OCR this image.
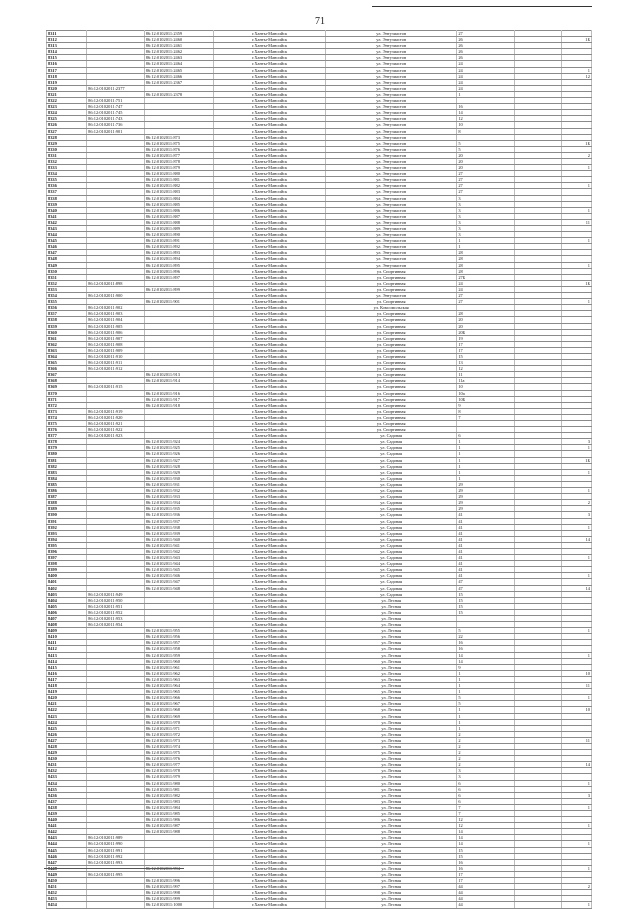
71
8311		86:12:0102011:2359	г.Ханты-Мансийск	ул. Энтузиастов	27		
8312		86:12:0102011:2460	г.Ханты-Мансийск	ул. Энтузиастов	26		1Б
8313		86:12:0102011:2461	г.Ханты-Мансийск	ул. Энтузиастов	26		
8314		86:12:0102011:2462	г.Ханты-Мансийск	ул. Энтузиастов	26		
8315		86:12:0102011:2463	г.Ханты-Мансийск	ул. Энтузиастов	26		
8316		86:12:0102011:2464	г.Ханты-Мансийск	ул. Энтузиастов	24		
8317		86:12:0102011:2465	г.Ханты-Мансийск	ул. Энтузиастов	24		1
8318		86:12:0102011:2466	г.Ханты-Мансийск	ул. Энтузиастов	24		12
8319		86:12:0102011:2367	г.Ханты-Мансийск	ул. Энтузиастов	24		
8320	86:12:0102011:2377		г.Ханты-Мансийск	ул. Энтузиастов	24		
8321		86:12:0102011:2378	г.Ханты-Мансийск	ул. Энтузиастов	1		
8322	86:12:0102011:751		г.Ханты-Мансийск	ул. Энтузиастов			
8323	86:12:0102011:747		г.Ханты-Мансийск	ул. Энтузиастов	16		
8324	86:12:0102011:745		г.Ханты-Мансийск	ул. Энтузиастов	14		
8325	86:12:0102011:743		г.Ханты-Мансийск	ул. Энтузиастов	12		
8326	86:12:0102011:736		г.Ханты-Мансийск	ул. Энтузиастов	10		
8327	86:12:0102011:901		г.Ханты-Мансийск	ул. Энтузиастов	8		
8328		86:12:0102011:873	г.Ханты-Мансийск	ул. Энтузиастов			
8329		86:12:0102011:875	г.Ханты-Мансийск	ул. Энтузиастов	5		1Б
8330		86:12:0102011:876	г.Ханты-Мансийск	ул. Энтузиастов	5		
8331		86:12:0102011:877	г.Ханты-Мансийск	ул. Энтузиастов	20		2
8332		86:12:0102011:878	г.Ханты-Мансийск	ул. Энтузиастов	20		
8333		86:12:0102011:879	г.Ханты-Мансийск	ул. Энтузиастов	20		1
8334		86:12:0102011:880	г.Ханты-Мансийск	ул. Энтузиастов	27		
8335		86:12:0102011:881	г.Ханты-Мансийск	ул. Энтузиастов	27		
8336		86:12:0102011:882	г.Ханты-Мансийск	ул. Энтузиастов	27		1
8337		86:12:0102011:883	г.Ханты-Мансийск	ул. Энтузиастов	27		
8338		86:12:0102011:884	г.Ханты-Мансийск	ул. Энтузиастов	3		
8339		86:12:0102011:885	г.Ханты-Мансийск	ул. Энтузиастов	3		
8340		86:12:0102011:886	г.Ханты-Мансийск	ул. Энтузиастов	3		1
8341		86:12:0102011:887	г.Ханты-Мансийск	ул. Энтузиастов	3		
8342		86:12:0102011:888	г.Ханты-Мансийск	ул. Энтузиастов	3		11
8343		86:12:0102011:889	г.Ханты-Мансийск	ул. Энтузиастов	3		
8344		86:12:0102011:890	г.Ханты-Мансийск	ул. Энтузиастов	3		
8345		86:12:0102011:891	г.Ханты-Мансийск	ул. Энтузиастов	1		1
8346		86:12:0102011:892	г.Ханты-Мансийск	ул. Энтузиастов	1		
8347		86:12:0102011:893	г.Ханты-Мансийск	ул. Энтузиастов	28		
8348		86:12:0102011:894	г.Ханты-Мансийск	ул. Энтузиастов	28		
8349		86:12:0102011:895	г.Ханты-Мансийск	ул. Энтузиастов	28		1
8350		86:12:0102011:896	г.Ханты-Мансийск	ул. Спортивная	28		
8351		86:12:0102011:897	г.Ханты-Мансийск	ул. Спортивная	27Б		
8352	86:12:0102011:898		г.Ханты-Мансийск	ул. Спортивная	24		1Б
8353		86:12:0102011:899	г.Ханты-Мансийск	ул. Спортивная	24		
8354	86:12:0102011:900		г.Ханты-Мансийск	ул. Энтузиастов	27		
8355		86:12:0102011:901	г.Ханты-Мансийск	ул. Спортивная	27		1
8356	86:12:0102011:902		г.Ханты-Мансийск	ул. Комсомольская			
8357	86:12:0102011:903		г.Ханты-Мансийск	ул. Спортивная	28		
8358	86:12:0102011:904		г.Ханты-Мансийск	ул. Спортивная	20		
8359	86:12:0102011:905		г.Ханты-Мансийск	ул. Спортивная	20		
8360	86:12:0102011:906		г.Ханты-Мансийск	ул. Спортивная	20Б		
8361	86:12:0102011:907		г.Ханты-Мансийск	ул. Спортивная	19		
8362	86:12:0102011:908		г.Ханты-Мансийск	ул. Спортивная	17		
8363	86:12:0102011:909		г.Ханты-Мансийск	ул. Спортивная	17		
8364	86:12:0102011:910		г.Ханты-Мансийск	ул. Спортивная	15		
8365	86:12:0102011:911		г.Ханты-Мансийск	ул. Спортивная	13		
8366	86:12:0102011:912		г.Ханты-Мансийск	ул. Спортивная	12		
8367		86:12:0102011:913	г.Ханты-Мансийск	ул. Спортивная	11		
8368		86:12:0102011:914	г.Ханты-Мансийск	ул. Спортивная	11а		
8369	86:12:0102011:915		г.Ханты-Мансийск	ул. Спортивная	10		
8370		86:12:0102011:916	г.Ханты-Мансийск	ул. Спортивная	10а		
8371		86:12:0102011:917	г.Ханты-Мансийск	ул. Спортивная	10Б		
8372		86:12:0102011:918	г.Ханты-Мансийск	ул. Спортивная	9		
8373	86:12:0102011:919		г.Ханты-Мансийск	ул. Спортивная	8		
8374	86:12:0102011:920		г.Ханты-Мансийск	ул. Спортивная	7		
8375	86:12:0102011:921		г.Ханты-Мансийск	ул. Спортивная			
8376	86:12:0102011:922		г.Ханты-Мансийск	ул. Спортивная			
8377	86:12:0102011:923		г.Ханты-Мансийск	ул. Садовая	6		
8378		86:12:0102011:924	г.Ханты-Мансийск	ул. Садовая	1		3
8379		86:12:0102011:925	г.Ханты-Мансийск	ул. Садовая	1		1
8380		86:12:0102011:926	г.Ханты-Мансийск	ул. Садовая	1		
8381		86:12:0102011:927	г.Ханты-Мансийск	ул. Садовая	1		1Б
8382		86:12:0102011:928	г.Ханты-Мансийск	ул. Садовая	1		
8383		86:12:0102011:929	г.Ханты-Мансийск	ул. Садовая	1		1
8384		86:12:0102011:930	г.Ханты-Мансийск	ул. Садовая	1		
8385		86:12:0102011:931	г.Ханты-Мансийск	ул. Садовая	29		
8386		86:12:0102011:932	г.Ханты-Мансийск	ул. Садовая	29		1
8387		86:12:0102011:933	г.Ханты-Мансийск	ул. Садовая	29		
8388		86:12:0102011:934	г.Ханты-Мансийск	ул. Садовая	29		2
8389		86:12:0102011:935	г.Ханты-Мансийск	ул. Садовая	29		
8390		86:12:0102011:936	г.Ханты-Мансийск	ул. Садовая	41		3
8391		86:12:0102011:937	г.Ханты-Мансийск	ул. Садовая	41		
8392		86:12:0102011:938	г.Ханты-Мансийск	ул. Садовая	41		1
8393		86:12:0102011:939	г.Ханты-Мансийск	ул. Садовая	41		
8394		86:12:0102011:940	г.Ханты-Мансийск	ул. Садовая	41		14
8395		86:12:0102011:941	г.Ханты-Мансийск	ул. Садовая	41		
8396		86:12:0102011:942	г.Ханты-Мансийск	ул. Садовая	41		
8397		86:12:0102011:943	г.Ханты-Мансийск	ул. Садовая	41		1
8398		86:12:0102011:944	г.Ханты-Мансийск	ул. Садовая	41		
8399		86:12:0102011:945	г.Ханты-Мансийск	ул. Садовая	41		
8400		86:12:0102011:946	г.Ханты-Мансийск	ул. Садовая	41		1
8401		86:12:0102011:947	г.Ханты-Мансийск	ул. Садовая	47		
8402		86:12:0102011:948	г.Ханты-Мансийск	ул. Садовая	47		14
8403	86:12:0102011:949		г.Ханты-Мансийск	ул. Садовая	15		
8404	86:12:0102011:950		г.Ханты-Мансийск	ул. Лесная	15		
8405	86:12:0102011:951		г.Ханты-Мансийск	ул. Лесная	15		
8406	86:12:0102011:952		г.Ханты-Мансийск	ул. Лесная	15		
8407	86:12:0102011:953		г.Ханты-Мансийск	ул. Лесная			
8408	86:12:0102011:954		г.Ханты-Мансийск	ул. Лесная			
8409		86:12:0102011:955	г.Ханты-Мансийск	ул. Лесная	5		1
8410		86:12:0102011:956	г.Ханты-Мансийск	ул. Лесная	22		
8411		86:12:0102011:957	г.Ханты-Мансийск	ул. Лесная	16		
8412		86:12:0102011:958	г.Ханты-Мансийск	ул. Лесная	16		
8413		86:12:0102011:959	г.Ханты-Мансийск	ул. Лесная	14		1
8414		86:12:0102011:960	г.Ханты-Мансийск	ул. Лесная	14		
8415		86:12:0102011:961	г.Ханты-Мансийск	ул. Лесная	9		
8416		86:12:0102011:962	г.Ханты-Мансийск	ул. Лесная	1		10
8417		86:12:0102011:963	г.Ханты-Мансийск	ул. Лесная	1		
8418		86:12:0102011:964	г.Ханты-Мансийск	ул. Лесная	1		11
8419		86:12:0102011:965	г.Ханты-Мансийск	ул. Лесная	1		
8420		86:12:0102011:966	г.Ханты-Мансийск	ул. Лесная	5		1
8421		86:12:0102011:967	г.Ханты-Мансийск	ул. Лесная	5		
8422		86:12:0102011:968	г.Ханты-Мансийск	ул. Лесная	1		10
8423		86:12:0102011:969	г.Ханты-Мансийск	ул. Лесная	1		
8424		86:12:0102011:970	г.Ханты-Мансийск	ул. Лесная	1		
8425		86:12:0102011:971	г.Ханты-Мансийск	ул. Лесная	1		
8426		86:12:0102011:972	г.Ханты-Мансийск	ул. Лесная	2		
8427		86:12:0102011:973	г.Ханты-Мансийск	ул. Лесная	2		11
8428		86:12:0102011:974	г.Ханты-Мансийск	ул. Лесная	2		
8429		86:12:0102011:975	г.Ханты-Мансийск	ул. Лесная	2		
8430		86:12:0102011:976	г.Ханты-Мансийск	ул. Лесная	2		
8431		86:12:0102011:977	г.Ханты-Мансийск	ул. Лесная	2		14
8432		86:12:0102011:978	г.Ханты-Мансийск	ул. Лесная	3		
8433		86:12:0102011:979	г.Ханты-Мансийск	ул. Лесная	3		
8434		86:12:0102011:980	г.Ханты-Мансийск	ул. Лесная	6		1
8435		86:12:0102011:981	г.Ханты-Мансийск	ул. Лесная	6		
8436		86:12:0102011:982	г.Ханты-Мансийск	ул. Лесная	6		3
8437		86:12:0102011:983	г.Ханты-Мансийск	ул. Лесная	6		
8438		86:12:0102011:984	г.Ханты-Мансийск	ул. Лесная	7		1
8439		86:12:0102011:985	г.Ханты-Мансийск	ул. Лесная	7		
8440		86:12:0102011:986	г.Ханты-Мансийск	ул. Лесная	12		
8441		86:12:0102011:987	г.Ханты-Мансийск	ул. Лесная	12		1
8442		86:12:0102011:988	г.Ханты-Мансийск	ул. Лесная	14		
8443	86:12:0102011:989		г.Ханты-Мансийск	ул. Лесная	14		
8444	86:12:0102011:990		г.Ханты-Мансийск	ул. Лесная	14		1
8445	86:12:0102011:991		г.Ханты-Мансийск	ул. Лесная	15		
8446	86:12:0102011:992		г.Ханты-Мансийск	ул. Лесная	15		
8447	86:12:0102011:993		г.Ханты-Мансийск	ул. Лесная	16		
8448		86:12:0102011:994	г.Ханты-Мансийск	ул. Лесная	16		1
8449	86:12:0102011:995		г.Ханты-Мансийск	ул. Лесная	17		
8450		86:12:0102011:996	г.Ханты-Мансийск	ул. Лесная	17		
8451		86:12:0102011:997	г.Ханты-Мансийск	ул. Лесная	44		2
8452		86:12:0102011:998	г.Ханты-Мансийск	ул. Лесная	44		
8453		86:12:0102011:999	г.Ханты-Мансийск	ул. Лесная	44		
8454		86:12:0102011:1000	г.Ханты-Мансийск	ул. Лесная	44		1
